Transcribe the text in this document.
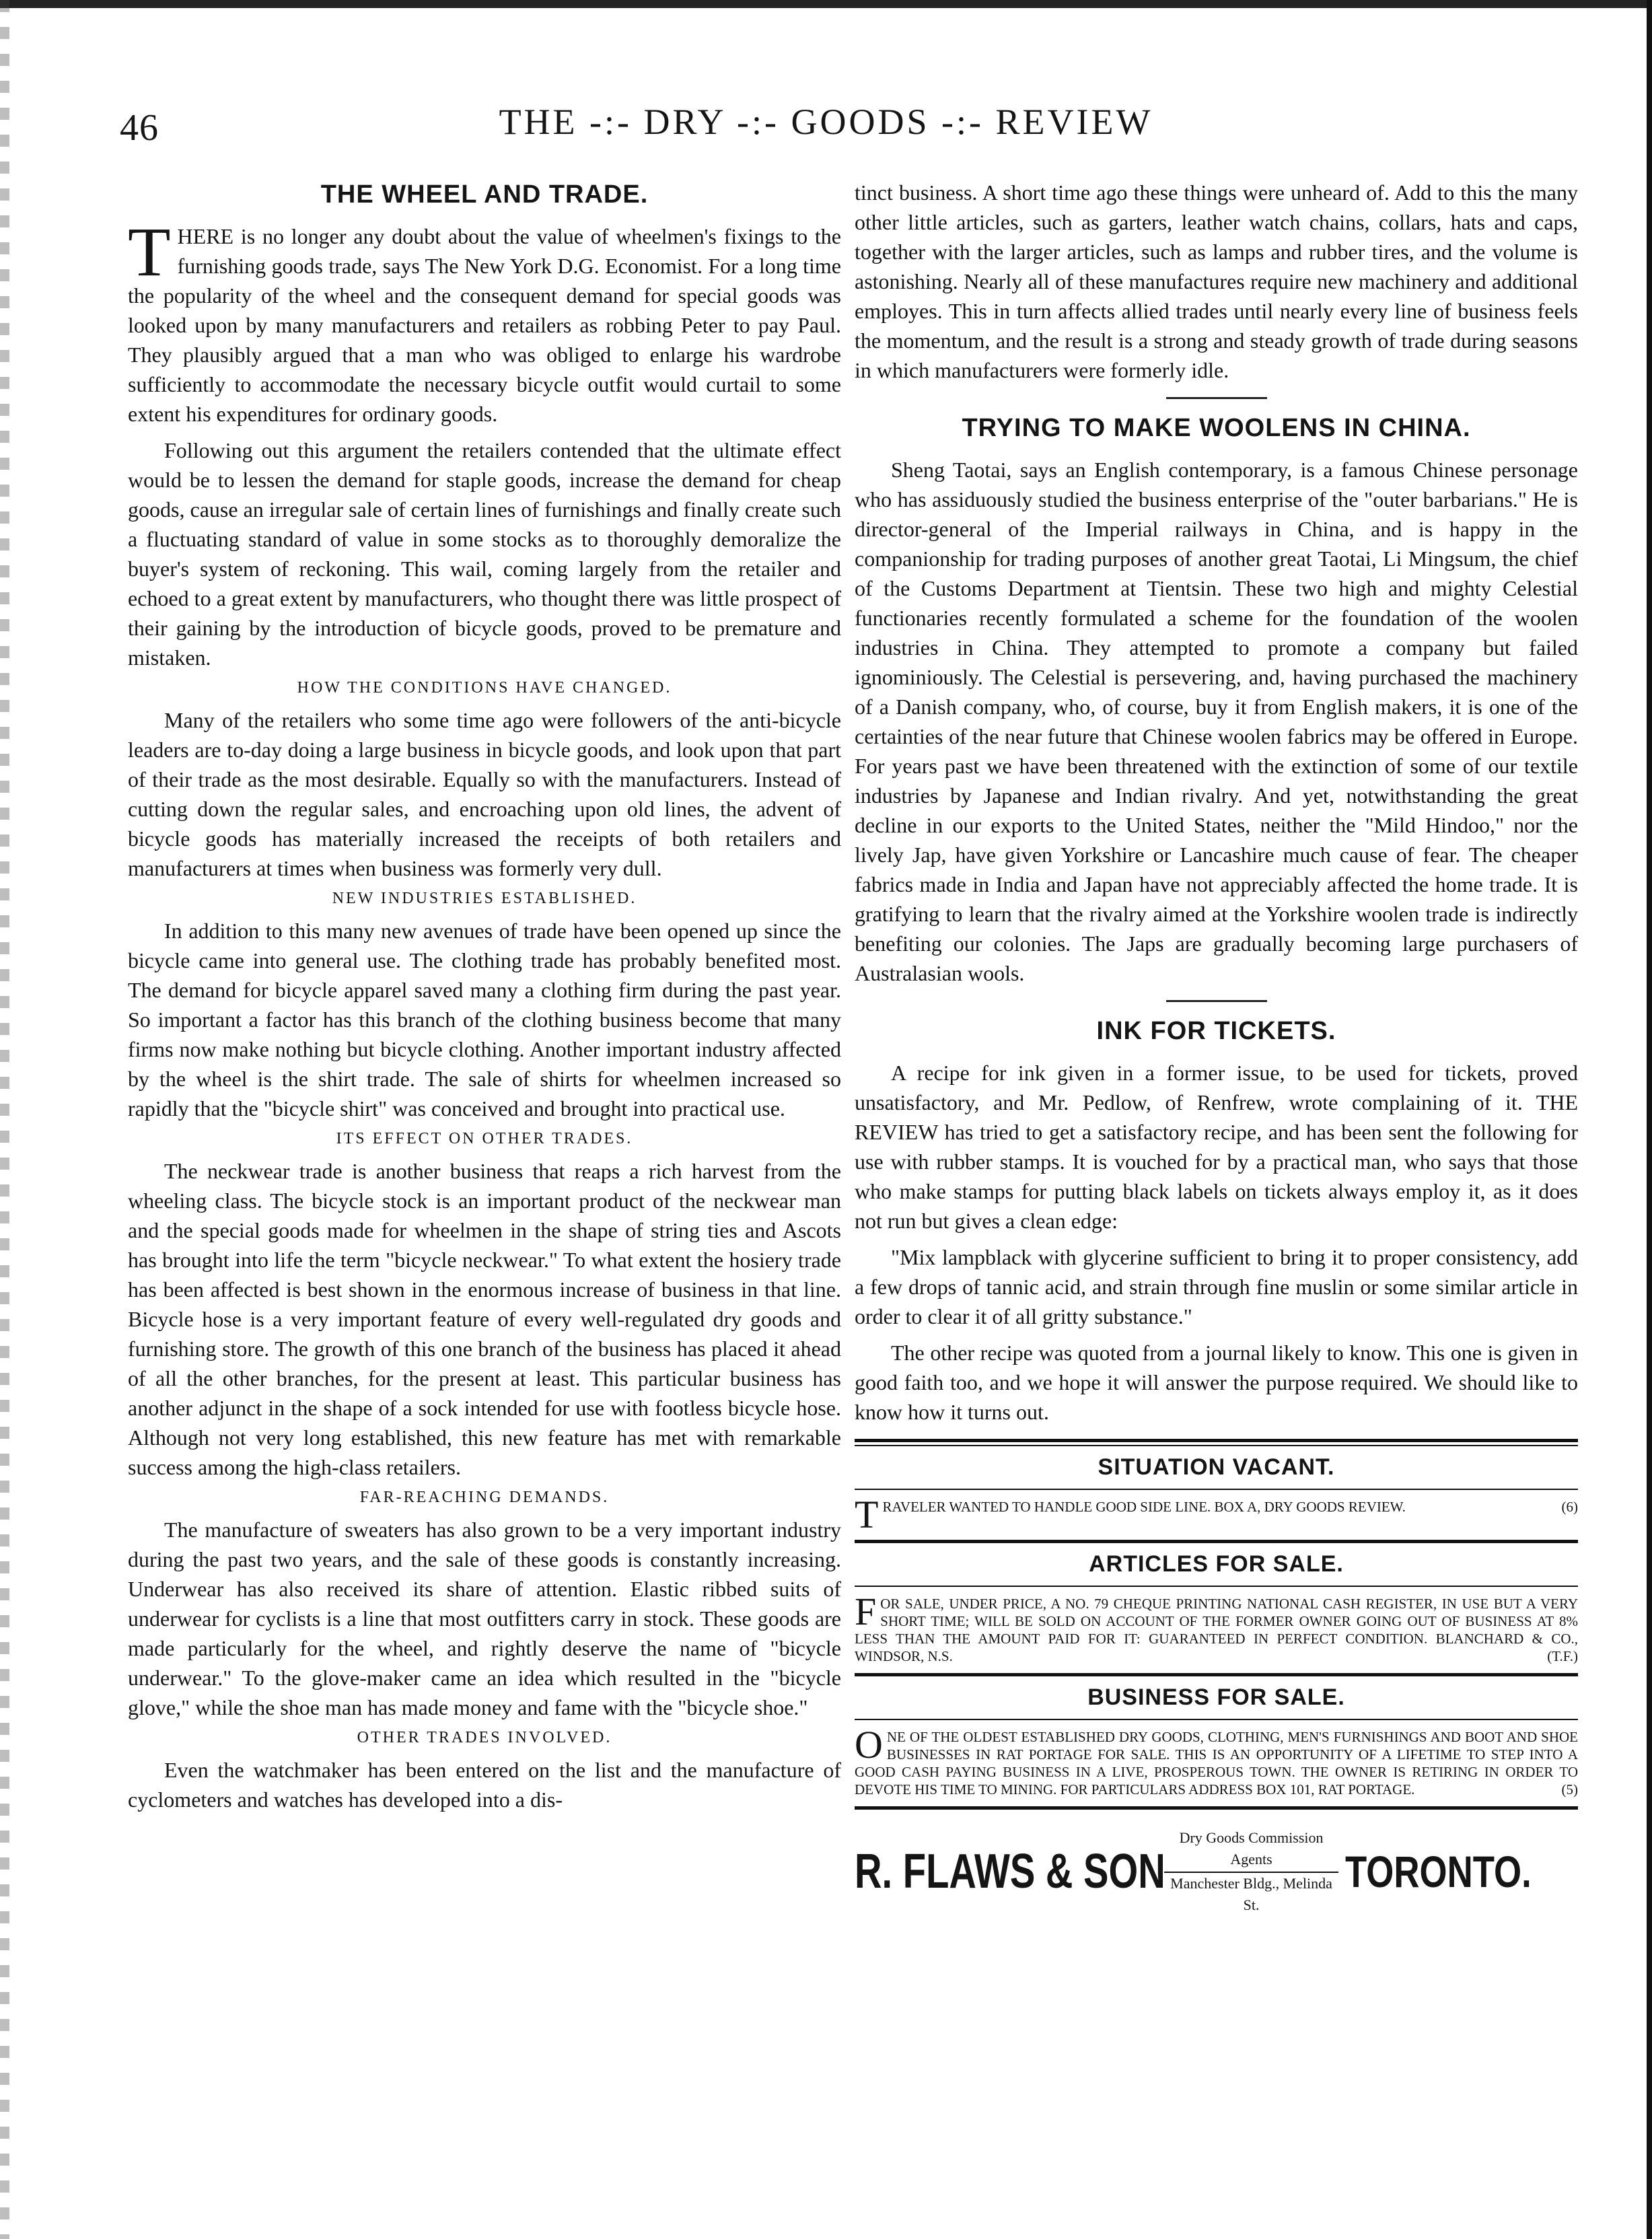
46	THE -:- DRY -:- GOODS -:- REVIEW
THE WHEEL AND TRADE.

THERE is no longer any doubt about the value of wheelmen's fixings to the furnishing goods trade, says The New York D.G. Economist. For a long time the popularity of the wheel and the consequent demand for special goods was looked upon by many manufacturers and retailers as robbing Peter to pay Paul. They plausibly argued that a man who was obliged to enlarge his wardrobe sufficiently to accommodate the necessary bicycle outfit would curtail to some extent his expenditures for ordinary goods.

Following out this argument the retailers contended that the ultimate effect would be to lessen the demand for staple goods, increase the demand for cheap goods, cause an irregular sale of certain lines of furnishings and finally create such a fluctuating standard of value in some stocks as to thoroughly demoralize the buyer's system of reckoning. This wail, coming largely from the retailer and echoed to a great extent by manufacturers, who thought there was little prospect of their gaining by the introduction of bicycle goods, proved to be premature and mistaken.

HOW THE CONDITIONS HAVE CHANGED.

Many of the retailers who some time ago were followers of the anti-bicycle leaders are to-day doing a large business in bicycle goods, and look upon that part of their trade as the most desirable. Equally so with the manufacturers. Instead of cutting down the regular sales, and encroaching upon old lines, the advent of bicycle goods has materially increased the receipts of both retailers and manufacturers at times when business was formerly very dull.

NEW INDUSTRIES ESTABLISHED.

In addition to this many new avenues of trade have been opened up since the bicycle came into general use. The clothing trade has probably benefited most. The demand for bicycle apparel saved many a clothing firm during the past year. So important a factor has this branch of the clothing business become that many firms now make nothing but bicycle clothing. Another important industry affected by the wheel is the shirt trade. The sale of shirts for wheelmen increased so rapidly that the "bicycle shirt" was conceived and brought into practical use.

ITS EFFECT ON OTHER TRADES.

The neckwear trade is another business that reaps a rich harvest from the wheeling class. The bicycle stock is an important product of the neckwear man and the special goods made for wheelmen in the shape of string ties and Ascots has brought into life the term "bicycle neckwear." To what extent the hosiery trade has been affected is best shown in the enormous increase of business in that line. Bicycle hose is a very important feature of every well-regulated dry goods and furnishing store. The growth of this one branch of the business has placed it ahead of all the other branches, for the present at least. This particular business has another adjunct in the shape of a sock intended for use with footless bicycle hose. Although not very long established, this new feature has met with remarkable success among the high-class retailers.

FAR-REACHING DEMANDS.

The manufacture of sweaters has also grown to be a very important industry during the past two years, and the sale of these goods is constantly increasing. Underwear has also received its share of attention. Elastic ribbed suits of underwear for cyclists is a line that most outfitters carry in stock. These goods are made particularly for the wheel, and rightly deserve the name of "bicycle underwear." To the glove-maker came an idea which resulted in the "bicycle glove," while the shoe man has made money and fame with the "bicycle shoe."

OTHER TRADES INVOLVED.

Even the watchmaker has been entered on the list and the manufacture of cyclometers and watches has developed into a dis-

tinct business. A short time ago these things were unheard of. Add to this the many other little articles, such as garters, leather watch chains, collars, hats and caps, together with the larger articles, such as lamps and rubber tires, and the volume is astonishing. Nearly all of these manufactures require new machinery and additional employes. This in turn affects allied trades until nearly every line of business feels the momentum, and the result is a strong and steady growth of trade during seasons in which manufacturers were formerly idle.

TRYING TO MAKE WOOLENS IN CHINA.

Sheng Taotai, says an English contemporary, is a famous Chinese personage who has assiduously studied the business enterprise of the "outer barbarians." He is director-general of the Imperial railways in China, and is happy in the companionship for trading purposes of another great Taotai, Li Mingsum, the chief of the Customs Department at Tientsin. These two high and mighty Celestial functionaries recently formulated a scheme for the foundation of the woolen industries in China. They attempted to promote a company but failed ignominiously. The Celestial is persevering, and, having purchased the machinery of a Danish company, who, of course, buy it from English makers, it is one of the certainties of the near future that Chinese woolen fabrics may be offered in Europe. For years past we have been threatened with the extinction of some of our textile industries by Japanese and Indian rivalry. And yet, notwithstanding the great decline in our exports to the United States, neither the "Mild Hindoo," nor the lively Jap, have given Yorkshire or Lancashire much cause of fear. The cheaper fabrics made in India and Japan have not appreciably affected the home trade. It is gratifying to learn that the rivalry aimed at the Yorkshire woolen trade is indirectly benefiting our colonies. The Japs are gradually becoming large purchasers of Australasian wools.

INK FOR TICKETS.

A recipe for ink given in a former issue, to be used for tickets, proved unsatisfactory, and Mr. Pedlow, of Renfrew, wrote complaining of it. THE REVIEW has tried to get a satisfactory recipe, and has been sent the following for use with rubber stamps. It is vouched for by a practical man, who says that those who make stamps for putting black labels on tickets always employ it, as it does not run but gives a clean edge:

"Mix lampblack with glycerine sufficient to bring it to proper consistency, add a few drops of tannic acid, and strain through fine muslin or some similar article in order to clear it of all gritty substance."

The other recipe was quoted from a journal likely to know. This one is given in good faith too, and we hope it will answer the purpose required. We should like to know how it turns out.

SITUATION VACANT.
TRAVELER WANTED TO HANDLE GOOD SIDE LINE. BOX A, DRY GOODS REVIEW.	(6)
ARTICLES FOR SALE.
FOR SALE, UNDER PRICE, A NO. 79 CHEQUE PRINTING NATIONAL CASH REGISTER, IN USE BUT A VERY SHORT TIME; WILL BE SOLD ON ACCOUNT OF THE FORMER OWNER GOING OUT OF BUSINESS AT 8% LESS THAN THE AMOUNT PAID FOR IT: GUARANTEED IN PERFECT CONDITION. BLANCHARD & CO., WINDSOR, N.S.	(T.F.)
BUSINESS FOR SALE.
ONE OF THE OLDEST ESTABLISHED DRY GOODS, CLOTHING, MEN'S FURNISHINGS AND BOOT AND SHOE BUSINESSES IN RAT PORTAGE FOR SALE. THIS IS AN OPPORTUNITY OF A LIFETIME TO STEP INTO A GOOD CASH PAYING BUSINESS IN A LIVE, PROSPEROUS TOWN. THE OWNER IS RETIRING IN ORDER TO DEVOTE HIS TIME TO MINING. FOR PARTICULARS ADDRESS BOX 101, RAT PORTAGE.	(5)
R. FLAWS & SON
Dry Goods Commission Agents
Manchester Bldg., Melinda St.
TORONTO.
